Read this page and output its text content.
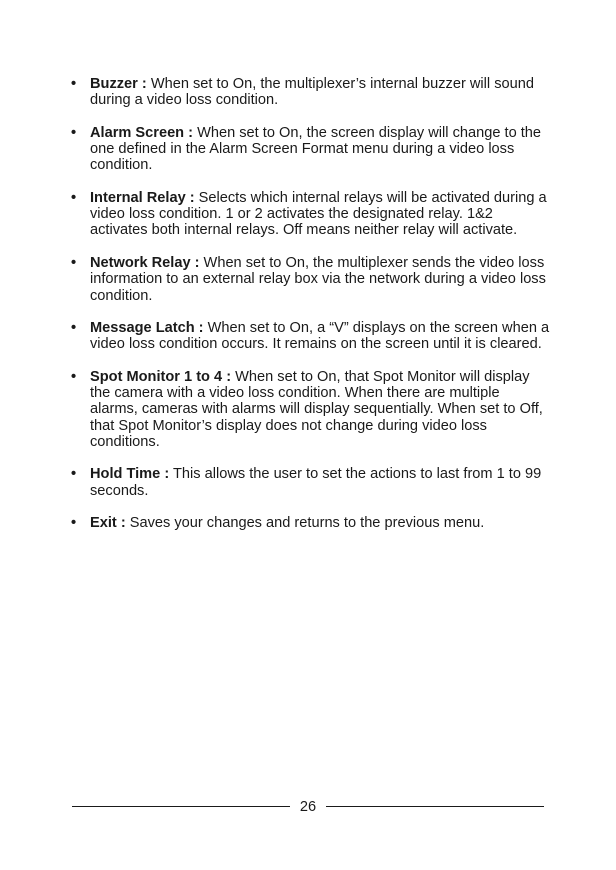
• Buzzer : When set to On, the multiplexer’s internal buzzer will sound during a video loss condition.
• Alarm Screen : When set to On, the screen display will change to the one defined in the Alarm Screen Format menu during a video loss condition.
• Internal Relay : Selects which internal relays will be activated during a video loss condition. 1 or 2 activates the designated relay. 1&2 activates both internal relays. Off means neither relay will activate.
• Network Relay : When set to On, the multiplexer sends the video loss information to an external relay box via the network during a video loss condition.
• Message Latch : When set to On, a “V” displays on the screen when a video loss condition occurs. It remains on the screen until it is cleared.
• Spot Monitor 1 to 4 : When set to On, that Spot Monitor will display the camera with a video loss condition. When there are multiple alarms, cameras with alarms will display sequentially. When set to Off, that Spot Monitor’s display does not change during video loss conditions.
• Hold Time : This allows the user to set the actions to last from 1 to 99 seconds.
• Exit : Saves your changes and returns to the previous menu.
26
